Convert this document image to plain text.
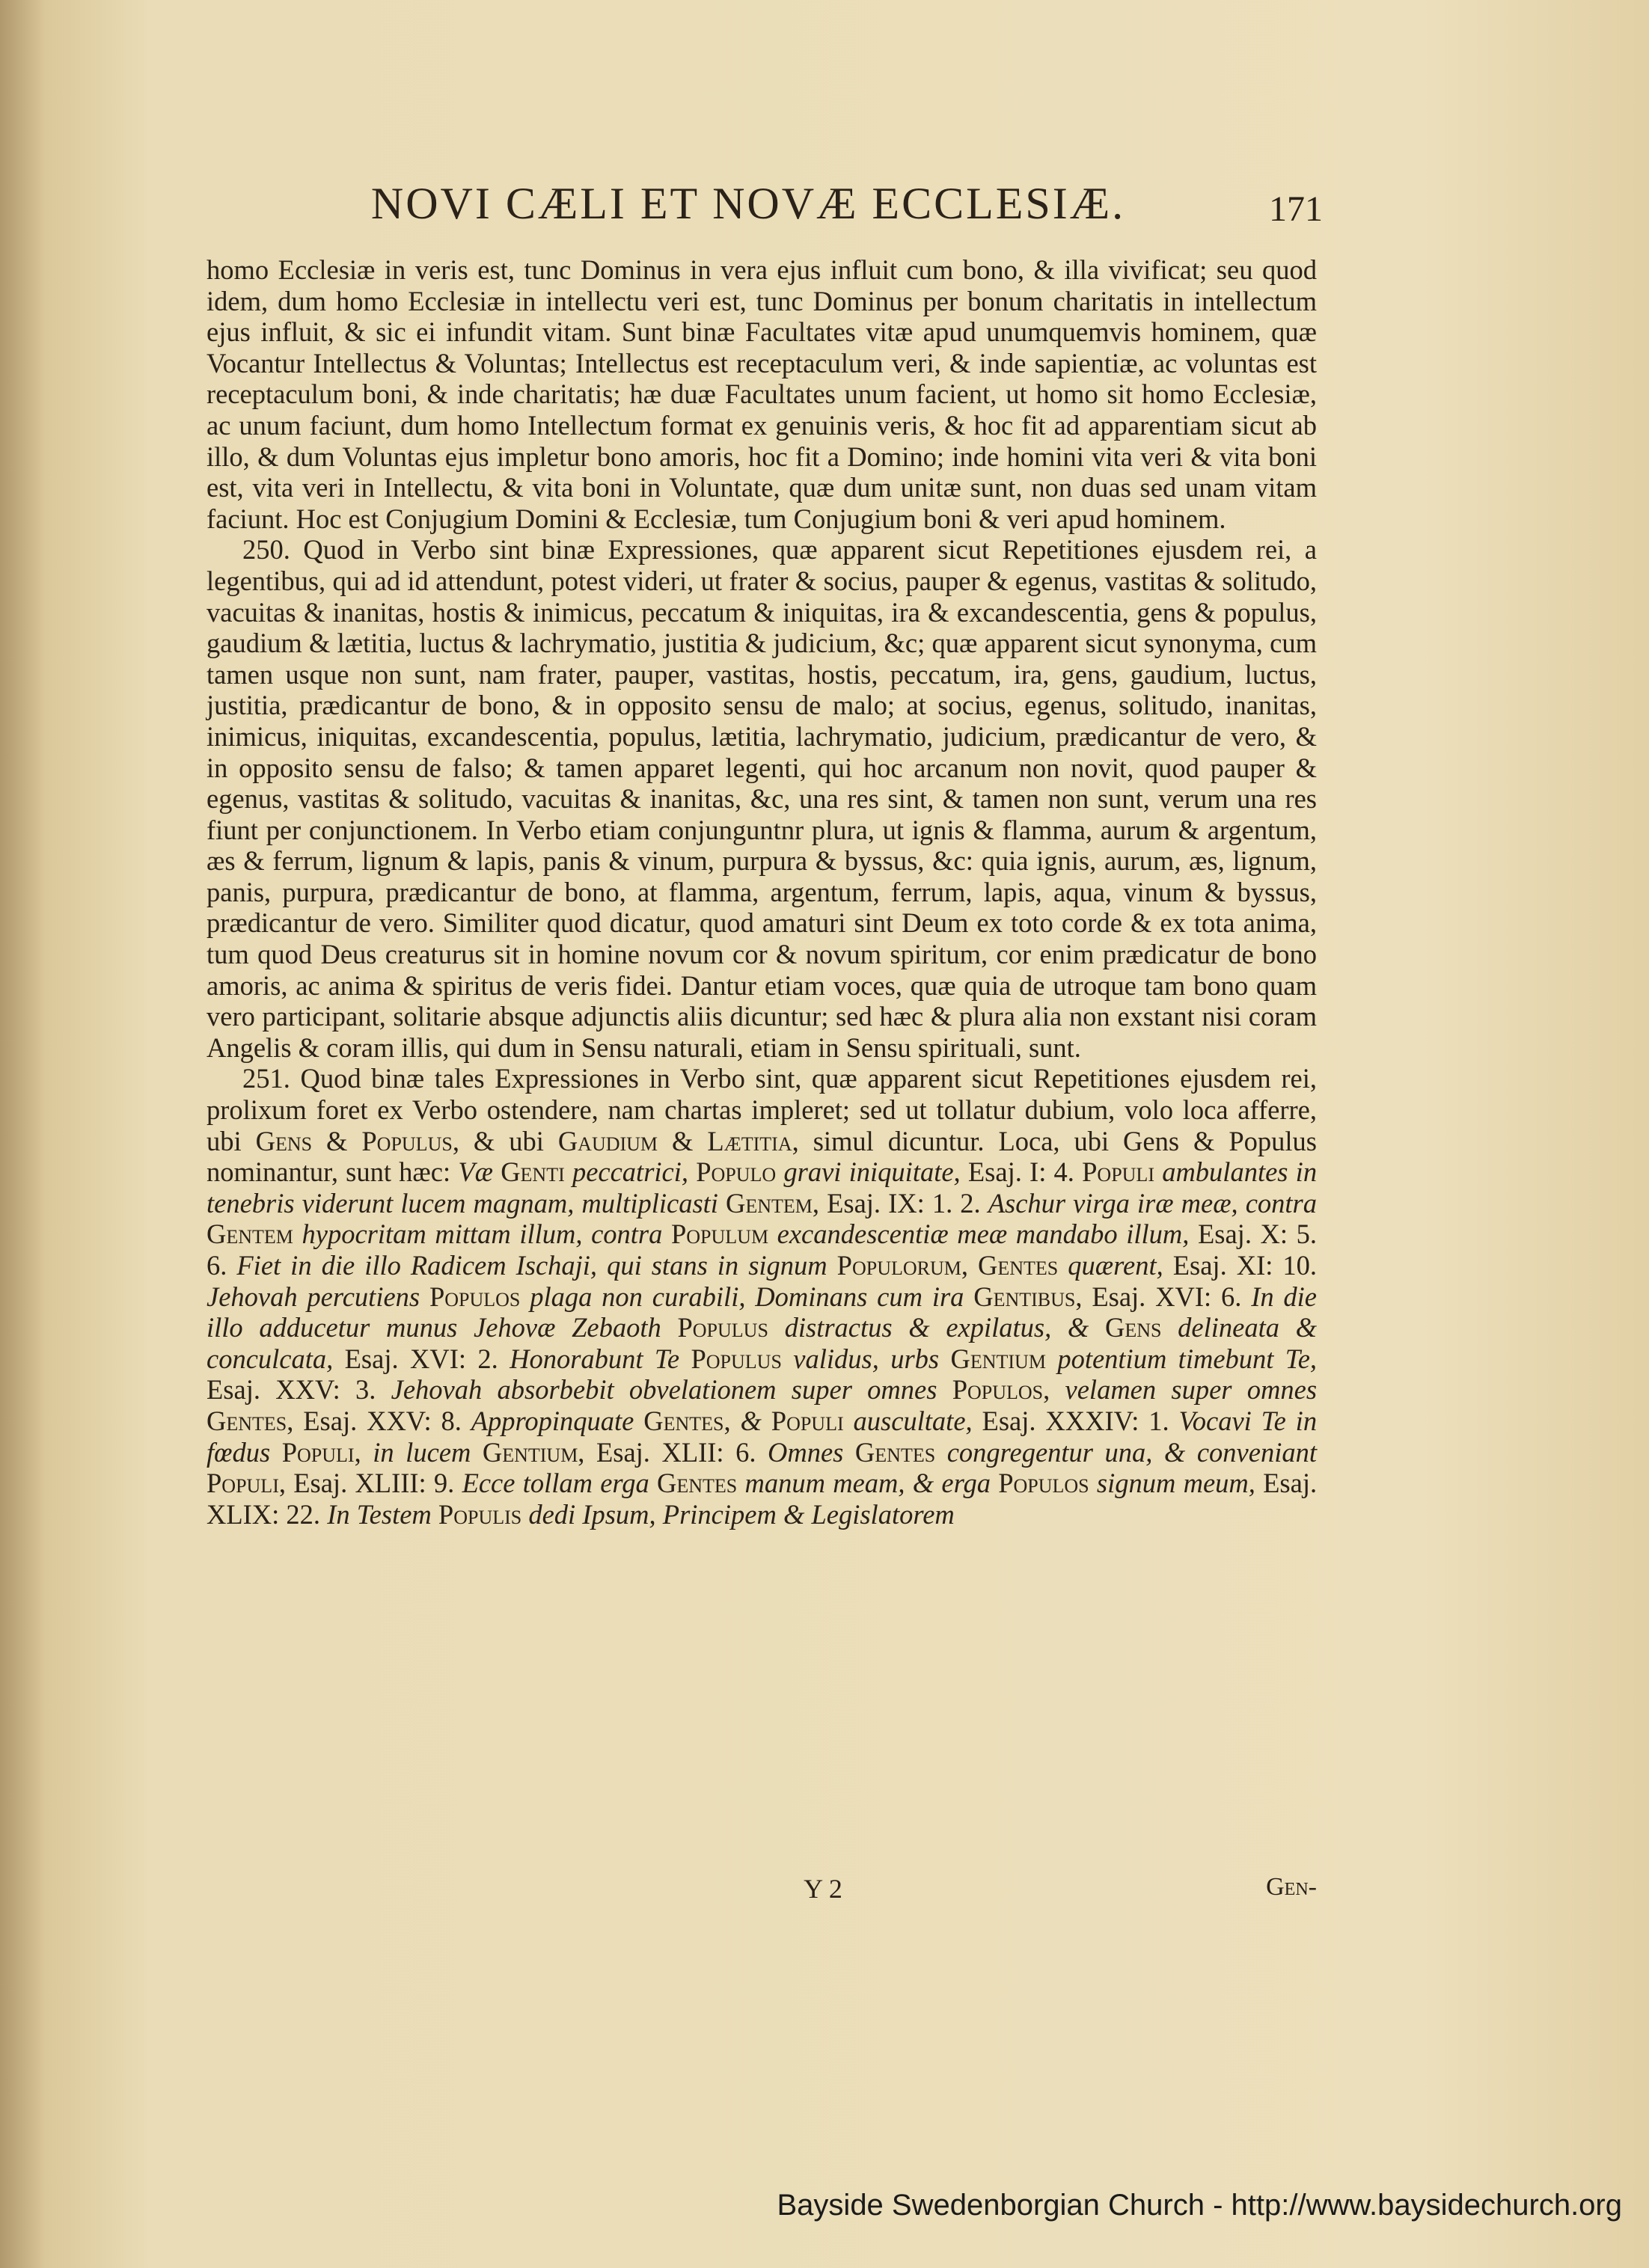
NOVI CÆLI ET NOVÆ ECCLESIÆ.	171

homo Ecclesiæ in veris est, tunc Dominus in vera ejus influit cum bono, & illa vivificat; seu quod idem, dum homo Ecclesiæ in intellectu veri est, tunc Dominus per bonum charitatis in intellectum ejus influit, & sic ei infundit vitam. Sunt binæ Facultates vitæ apud unumquemvis hominem, quæ Vocantur Intellectus & Voluntas; Intellectus est receptaculum veri, & inde sapientiæ, ac voluntas est receptaculum boni, & inde charitatis; hæ duæ Facultates unum facient, ut homo sit homo Ecclesiæ, ac unum faciunt, dum homo Intellectum format ex genuinis veris, & hoc fit ad apparentiam sicut ab illo, & dum Voluntas ejus impletur bono amoris, hoc fit a Domino; inde homini vita veri & vita boni est, vita veri in Intellectu, & vita boni in Voluntate, quæ dum unitæ sunt, non duas sed unam vitam faciunt. Hoc est Conjugium Domini & Ecclesiæ, tum Conjugium boni & veri apud hominem.

250. Quod in Verbo sint binæ Expressiones, quæ apparent sicut Repetitiones ejusdem rei, a legentibus, qui ad id attendunt, potest videri, ut frater & socius, pauper & egenus, vastitas & solitudo, vacuitas & inanitas, hostis & inimicus, peccatum & iniquitas, ira & excandescentia, gens & populus, gaudium & lætitia, luctus & lachrymatio, justitia & judicium, &c; quæ apparent sicut synonyma, cum tamen usque non sunt, nam frater, pauper, vastitas, hostis, peccatum, ira, gens, gaudium, luctus, justitia, prædicantur de bono, & in opposito sensu de malo; at socius, egenus, solitudo, inanitas, inimicus, iniquitas, excandescentia, populus, lætitia, lachrymatio, judicium, prædicantur de vero, & in opposito sensu de falso; & tamen apparet legenti, qui hoc arcanum non novit, quod pauper & egenus, vastitas & solitudo, vacuitas & inanitas, &c, una res sint, & tamen non sunt, verum una res fiunt per conjunctionem. In Verbo etiam conjunguntnr plura, ut ignis & flamma, aurum & argentum, æs & ferrum, lignum & lapis, panis & vinum, purpura & byssus, &c: quia ignis, aurum, æs, lignum, panis, purpura, prædicantur de bono, at flamma, argentum, ferrum, lapis, aqua, vinum & byssus, prædicantur de vero. Similiter quod dicatur, quod amaturi sint Deum ex toto corde & ex tota anima, tum quod Deus creaturus sit in homine novum cor & novum spiritum, cor enim prædicatur de bono amoris, ac anima & spiritus de veris fidei. Dantur etiam voces, quæ quia de utroque tam bono quam vero participant, solitarie absque adjunctis aliis dicuntur; sed hæc & plura alia non exstant nisi coram Angelis & coram illis, qui dum in Sensu naturali, etiam in Sensu spirituali, sunt.

251. Quod binæ tales Expressiones in Verbo sint, quæ apparent sicut Repetitiones ejusdem rei, prolixum foret ex Verbo ostendere, nam chartas impleret; sed ut tollatur dubium, volo loca afferre, ubi Gens & Populus, & ubi Gaudium & Lætitia, simul dicuntur. Loca, ubi Gens & Populus nominantur, sunt hæc: Væ Genti peccatrici, Populo gravi iniquitate, Esaj. I: 4. Populi ambulantes in tenebris viderunt lucem magnam, multiplicasti Gentem, Esaj. IX: 1. 2. Aschur virga iræ meæ, contra Gentem hypocritam mittam illum, contra Populum excandescentiæ meæ mandabo illum, Esaj. X: 5. 6. Fiet in die illo Radicem Ischaji, qui stans in signum Populorum, Gentes quærent, Esaj. XI: 10. Jehovah percutiens Populos plaga non curabili, Dominans cum ira Gentibus, Esaj. XVI: 6. In die illo adducetur munus Jehovæ Zebaoth Populus distractus & expilatus, & Gens delineata & conculcata, Esaj. XVI: 2. Honorabunt Te Populus validus, urbs Gentium potentium timebunt Te, Esaj. XXV: 3. Jehovah absorbebit obvelationem super omnes Populos, velamen super omnes Gentes, Esaj. XXV: 8. Appropinquate Gentes, & Populi auscultate, Esaj. XXXIV: 1. Vocavi Te in fœdus Populi, in lucem Gentium, Esaj. XLII: 6. Omnes Gentes congregentur una, & conveniant Populi, Esaj. XLIII: 9. Ecce tollam erga Gentes manum meam, & erga Populos signum meum, Esaj. XLIX: 22. In Testem Populis dedi Ipsum, Principem & Legislatorem

Y 2	Gen-
Bayside Swedenborgian Church - http://www.baysidechurch.org
